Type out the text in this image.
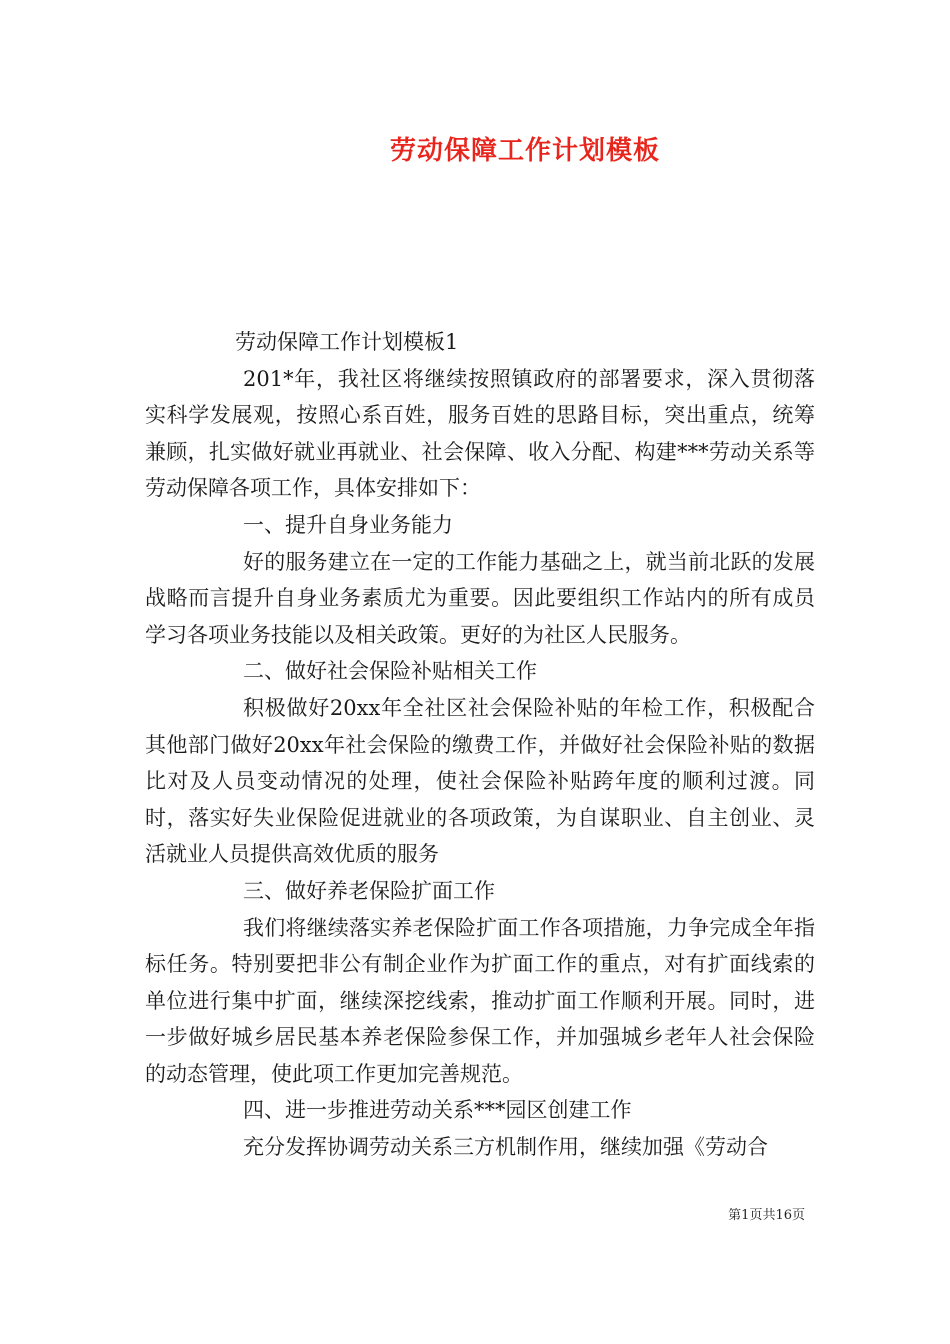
劳动保障工作计划模板

劳动保障工作计划模板1

201*年，我社区将继续按照镇政府的部署要求，深入贯彻落实科学发展观，按照心系百姓，服务百姓的思路目标，突出重点，统筹兼顾，扎实做好就业再就业、社会保障、收入分配、构建***劳动关系等劳动保障各项工作，具体安排如下：

一、提升自身业务能力

好的服务建立在一定的工作能力基础之上，就当前北跃的发展战略而言提升自身业务素质尤为重要。因此要组织工作站内的所有成员学习各项业务技能以及相关政策。更好的为社区人民服务。

二、做好社会保险补贴相关工作

积极做好20xx年全社区社会保险补贴的年检工作，积极配合其他部门做好20xx年社会保险的缴费工作，并做好社会保险补贴的数据比对及人员变动情况的处理，使社会保险补贴跨年度的顺利过渡。同时，落实好失业保险促进就业的各项政策，为自谋职业、自主创业、灵活就业人员提供高效优质的服务

三、做好养老保险扩面工作

我们将继续落实养老保险扩面工作各项措施，力争完成全年指标任务。特别要把非公有制企业作为扩面工作的重点，对有扩面线索的单位进行集中扩面，继续深挖线索，推动扩面工作顺利开展。同时，进一步做好城乡居民基本养老保险参保工作，并加强城乡老年人社会保险的动态管理，使此项工作更加完善规范。

四、进一步推进劳动关系***园区创建工作

充分发挥协调劳动关系三方机制作用，继续加强《劳动合

第1页共16页
